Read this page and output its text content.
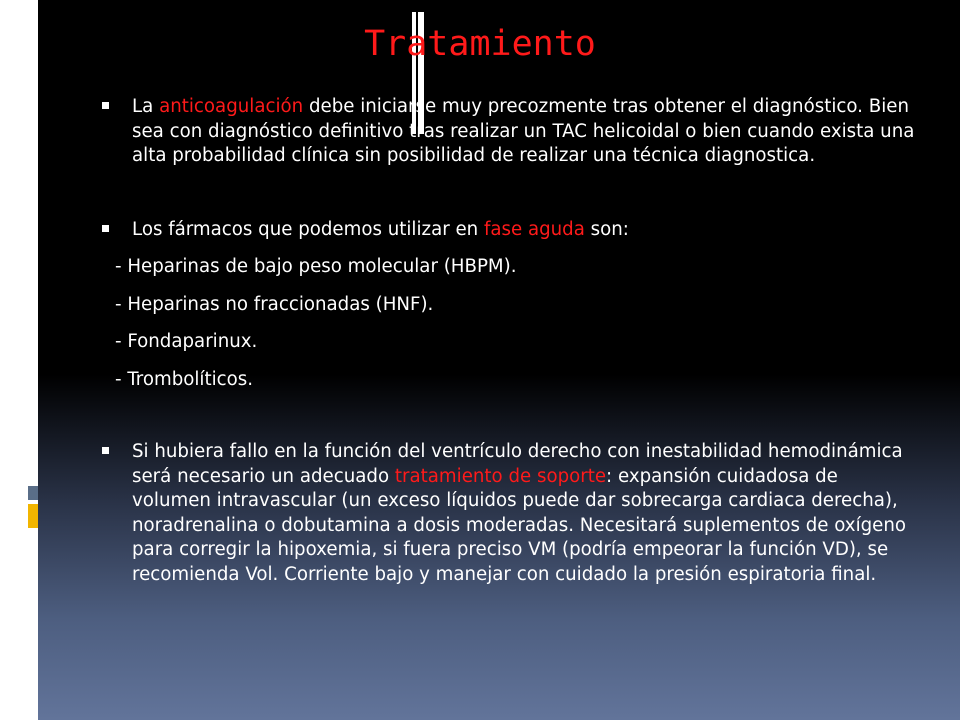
Tratamiento
La anticoagulación debe iniciarse muy precozmente tras obtener el diagnóstico. Bien sea con diagnóstico definitivo tras realizar un TAC helicoidal o bien cuando exista una alta probabilidad clínica sin posibilidad de realizar una técnica diagnostica.
Los fármacos que podemos utilizar en fase aguda son:
- Heparinas de bajo peso molecular (HBPM).
- Heparinas no fraccionadas (HNF).
- Fondaparinux.
- Trombolíticos.
Si hubiera fallo en la función del ventrículo derecho con inestabilidad hemodinámica será necesario un adecuado tratamiento de soporte: expansión cuidadosa de volumen intravascular (un exceso líquidos puede dar sobrecarga cardiaca derecha), noradrenalina o dobutamina a dosis moderadas. Necesitará suplementos de oxígeno para corregir la hipoxemia, si fuera preciso VM (podría empeorar la función VD), se recomienda Vol. Corriente bajo y manejar con cuidado la presión espiratoria final.
